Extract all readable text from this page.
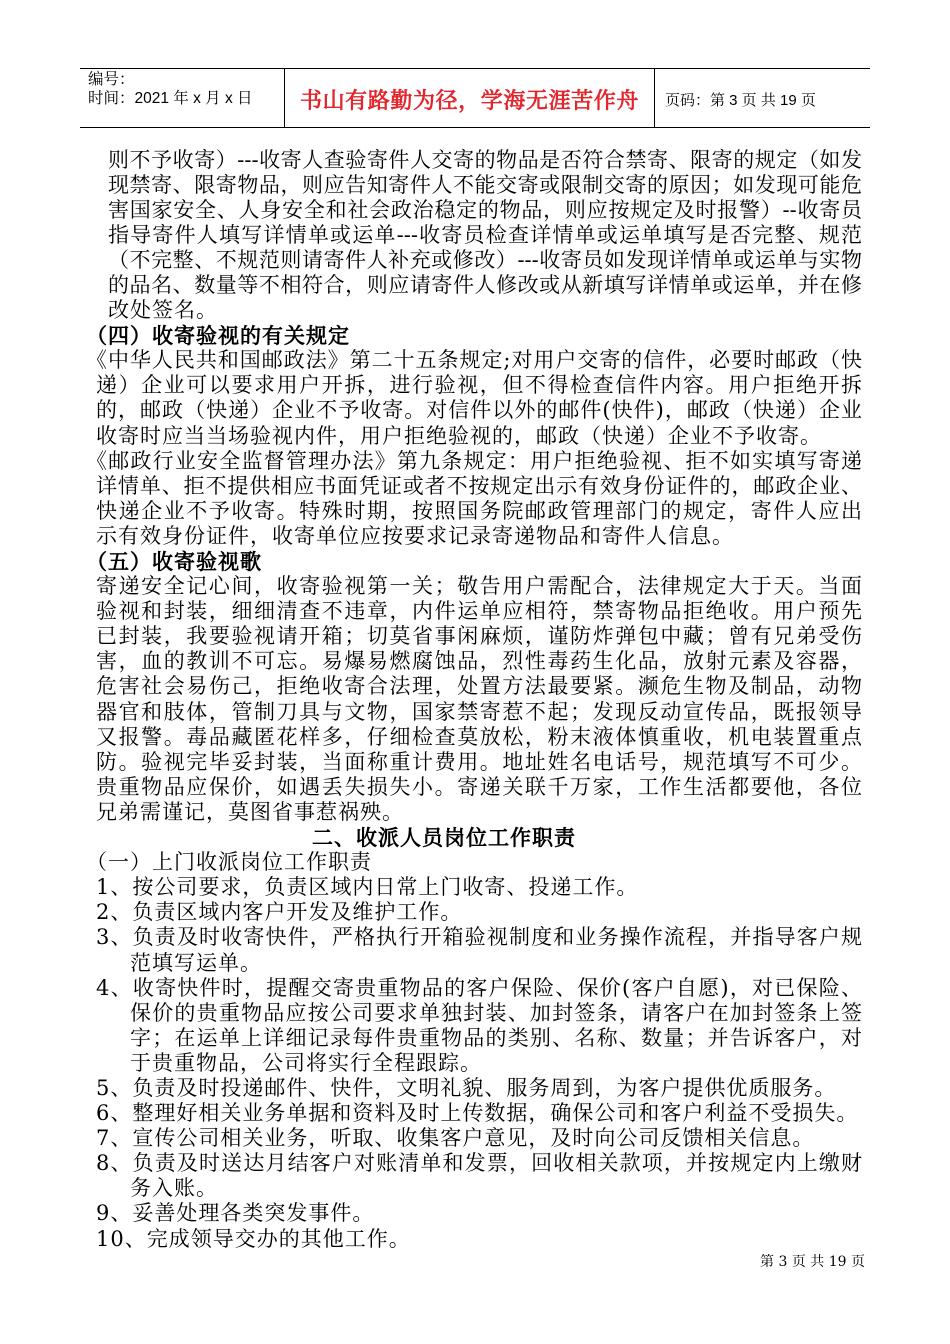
编号：
时间：2021 年 x 月 x 日	书山有路勤为径，学海无涯苦作舟 页码：第 3 页 共 19 页
则不予收寄）---收寄人查验寄件人交寄的物品是否符合禁寄、限寄的规定（如发
现禁寄、限寄物品，则应告知寄件人不能交寄或限制交寄的原因；如发现可能危
害国家安全、人身安全和社会政治稳定的物品，则应按规定及时报警）--收寄员
指导寄件人填写详情单或运单---收寄员检查详情单或运单填写是否完整、规范
（不完整、不规范则请寄件人补充或修改）---收寄员如发现详情单或运单与实物
的品名、数量等不相符合，则应请寄件人修改或从新填写详情单或运单，并在修
改处签名。
（四）收寄验视的有关规定
《中华人民共和国邮政法》第二十五条规定;对用户交寄的信件，必要时邮政（快
递）企业可以要求用户开拆，进行验视，但不得检查信件内容。用户拒绝开拆
的，邮政（快递）企业不予收寄。对信件以外的邮件(快件)，邮政（快递）企业
收寄时应当当场验视内件，用户拒绝验视的，邮政（快递）企业不予收寄。
《邮政行业安全监督管理办法》第九条规定：用户拒绝验视、拒不如实填写寄递
详情单、拒不提供相应书面凭证或者不按规定出示有效身份证件的，邮政企业、
快递企业不予收寄。特殊时期，按照国务院邮政管理部门的规定，寄件人应出
示有效身份证件，收寄单位应按要求记录寄递物品和寄件人信息。
（五）收寄验视歌
寄递安全记心间，收寄验视第一关；敬告用户需配合，法律规定大于天。当面
验视和封装，细细清查不违章，内件运单应相符，禁寄物品拒绝收。用户预先
已封装，我要验视请开箱；切莫省事闲麻烦，谨防炸弹包中藏；曾有兄弟受伤
害，血的教训不可忘。易爆易燃腐蚀品，烈性毒药生化品，放射元素及容器，
危害社会易伤己，拒绝收寄合法理，处置方法最要紧。濒危生物及制品，动物
器官和肢体，管制刀具与文物，国家禁寄惹不起；发现反动宣传品，既报领导
又报警。毒品藏匿花样多，仔细检查莫放松，粉末液体慎重收，机电装置重点
防。验视完毕妥封装，当面称重计费用。地址姓名电话号，规范填写不可少。
贵重物品应保价，如遇丢失损失小。寄递关联千万家，工作生活都要他，各位
兄弟需谨记，莫图省事惹祸殃。
二、收派人员岗位工作职责
（一）上门收派岗位工作职责
1、按公司要求，负责区域内日常上门收寄、投递工作。
2、负责区域内客户开发及维护工作。
3、负责及时收寄快件，严格执行开箱验视制度和业务操作流程，并指导客户规
范填写运单。
4、收寄快件时，提醒交寄贵重物品的客户保险、保价(客户自愿)，对已保险、
保价的贵重物品应按公司要求单独封装、加封签条，请客户在加封签条上签
字；在运单上详细记录每件贵重物品的类别、名称、数量；并告诉客户，对
于贵重物品，公司将实行全程跟踪。
5、负责及时投递邮件、快件，文明礼貌、服务周到，为客户提供优质服务。
6、整理好相关业务单据和资料及时上传数据，确保公司和客户利益不受损失。
7、宣传公司相关业务，听取、收集客户意见，及时向公司反馈相关信息。
8、负责及时送达月结客户对账清单和发票，回收相关款项，并按规定内上缴财
务入账。
9、妥善处理各类突发事件。
10、完成领导交办的其他工作。
第 3 页 共 19 页
